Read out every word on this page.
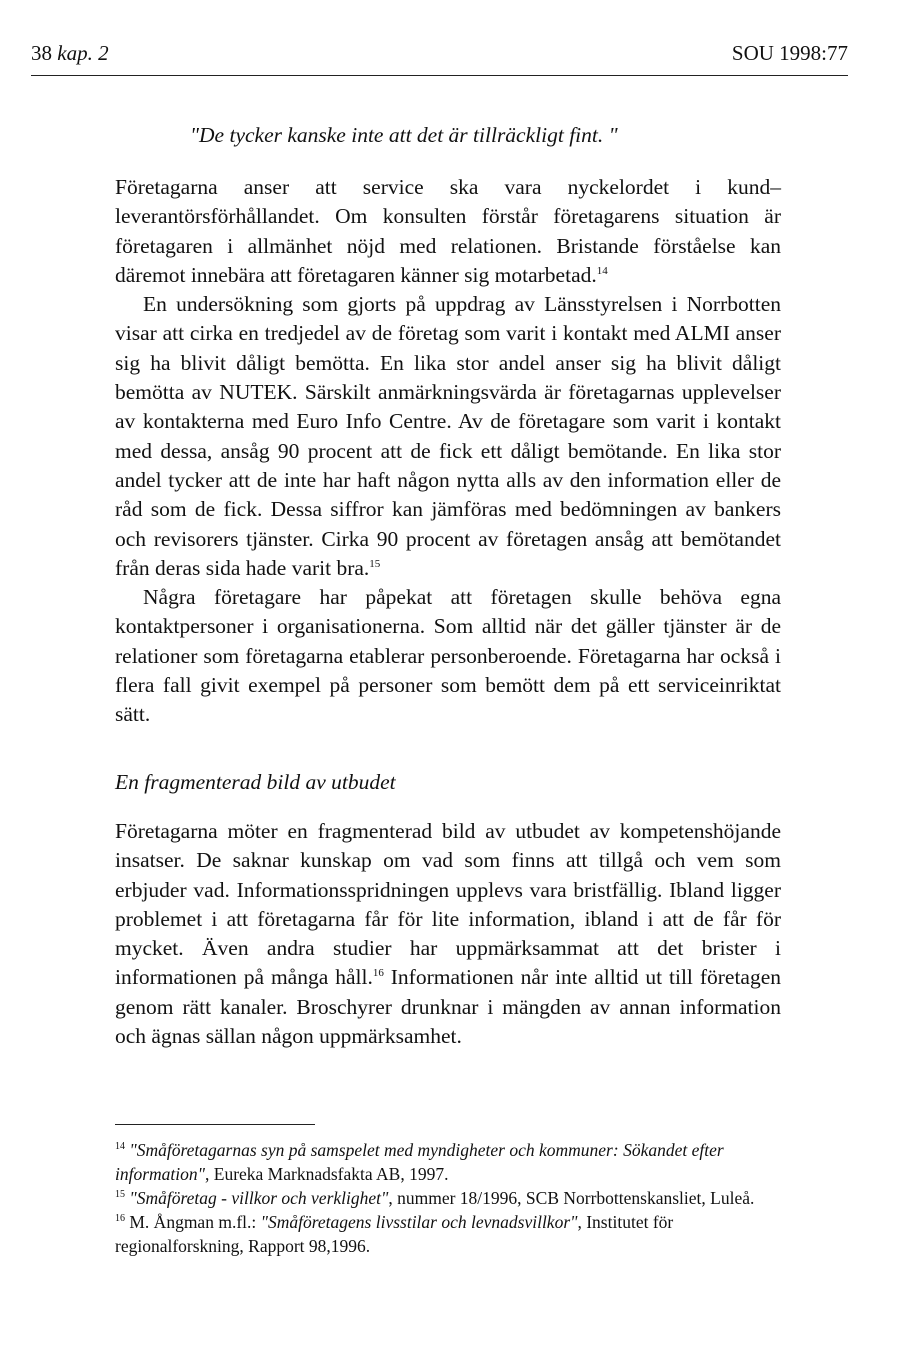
38 kap. 2	SOU 1998:77
"De tycker kanske inte att det är tillräckligt fint. "

Företagarna anser att service ska vara nyckelordet i kund–leverantörsförhållandet. Om konsulten förstår företagarens situation är företagaren i allmänhet nöjd med relationen. Bristande förståelse kan däremot innebära att företagaren känner sig motarbetad.$^{14}$

En undersökning som gjorts på uppdrag av Länsstyrelsen i Norrbotten visar att cirka en tredjedel av de företag som varit i kontakt med ALMI anser sig ha blivit dåligt bemötta. En lika stor andel anser sig ha blivit dåligt bemötta av NUTEK. Särskilt anmärkningsvärda är företagarnas upplevelser av kontakterna med Euro Info Centre. Av de företagare som varit i kontakt med dessa, ansåg 90 procent att de fick ett dåligt bemötande. En lika stor andel tycker att de inte har haft någon nytta alls av den information eller de råd som de fick. Dessa siffror kan jämföras med bedömningen av bankers och revisorers tjänster. Cirka 90 procent av företagen ansåg att bemötandet från deras sida hade varit bra.$^{15}$

Några företagare har påpekat att företagen skulle behöva egna kontaktpersoner i organisationerna. Som alltid när det gäller tjänster är de relationer som företagarna etablerar personberoende. Företagarna har också i flera fall givit exempel på personer som bemött dem på ett serviceinriktat sätt.

En fragmenterad bild av utbudet

Företagarna möter en fragmenterad bild av utbudet av kompetenshöjande insatser. De saknar kunskap om vad som finns att tillgå och vem som erbjuder vad. Informationsspridningen upplevs vara bristfällig. Ibland ligger problemet i att företagarna får för lite information, ibland i att de får för mycket. Även andra studier har uppmärksammat att det brister i informationen på många håll.$^{16}$ Informationen når inte alltid ut till företagen genom rätt kanaler. Broschyrer drunknar i mängden av annan information och ägnas sällan någon uppmärksamhet.

$^{14}$ "Småföretagarnas syn på samspelet med myndigheter och kommuner: Sökandet efter information", Eureka Marknadsfakta AB, 1997.

$^{15}$ "Småföretag - villkor och verklighet", nummer 18/1996, SCB Norrbottenskansliet, Luleå.

$^{16}$ M. Ångman m.fl.: "Småföretagens livsstilar och levnadsvillkor", Institutet för regionalforskning, Rapport 98,1996.
